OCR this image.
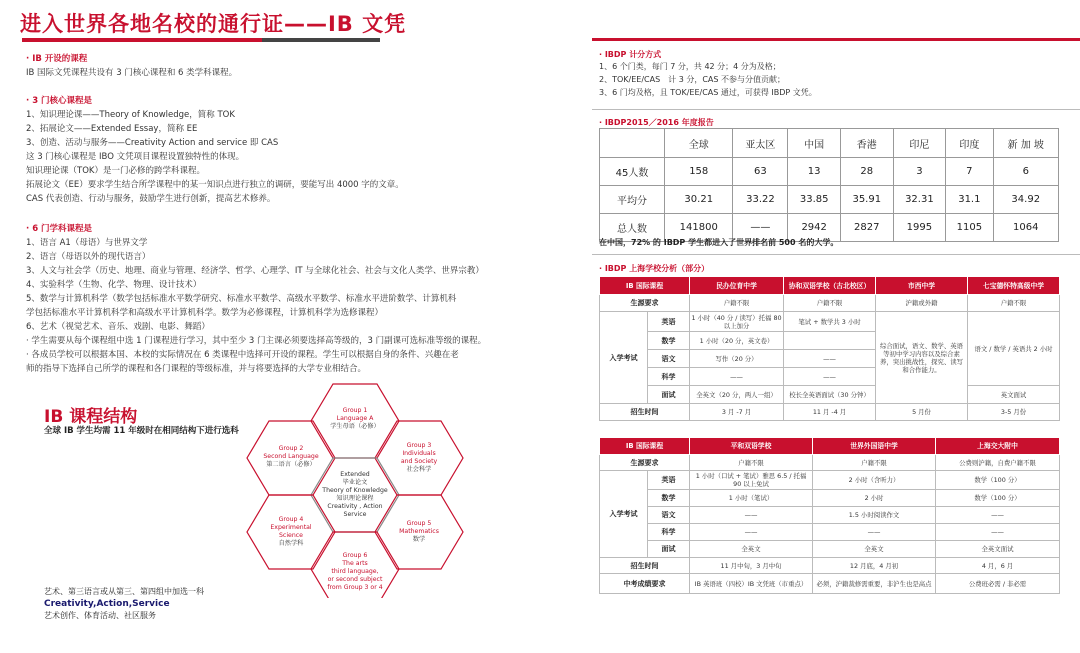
进入世界各地名校的通行证——IB 文凭
· IB 开设的课程
IB 国际文凭课程共设有 3 门核心课程和 6 类学科课程。
· 3 门核心课程是
1、知识理论课——Theory of Knowledge，简称 TOK
2、拓展论文——Extended Essay，简称 EE
3、创造、活动与服务——Creativity Action and service 即 CAS
这 3 门核心课程是 IBO 文凭项目课程设置独特性的体现。
知识理论课（TOK）是一门必修的跨学科课程。
拓展论文（EE）要求学生结合所学课程中的某一知识点进行独立的调研，要能写出 4000 字的文章。
CAS 代表创造、行动与服务，鼓励学生进行创新，提高艺术修养。
· 6 门学科课程是
1、语言 A1（母语）与世界文学
2、语言（母语以外的现代语言）
3、人文与社会学（历史、地理、商业与管理、经济学、哲学、心理学、IT 与全球化社会、社会与文化人类学、世界宗教）
4、实验科学（生物、化学、物理、设计技术）
5、数学与计算机科学（数学包括标准水平数学研究、标准水平数学、高级水平数学、标准水平进阶数学、计算机科
学包括标准水平计算机科学和高级水平计算机科学。数学为必修课程，计算机科学为选修课程）
6、艺术（视觉艺术、音乐、戏剧、电影、舞蹈）
· 学生需要从每个课程组中选 1 门课程进行学习，其中至少 3 门主课必须要选择高等级的，3 门副课可选标准等级的课程。
· 各成员学校可以根据本国、本校的实际情况在 6 类课程中选择可开设的课程。学生可以根据自身的条件、兴趣在老
师的指导下选择自己所学的课程和各门课程的等级标准，并与将要选择的大学专业相结合。
IB 课程结构
全球 IB 学生均需 11 年级时在相同结构下进行选科
Group 1
Language A
学生母语（必修）
Group 2
Second Language
第二语言（必修）
Group 3
Individuals
and Society
社会科学
Extended
毕业论文
Theory of Knowledge
知识理论课程
Creativity , Action
Service
Group 4
Experimental
Science
自然学科
Group 5
Mathematics
数学
Group 6
The arts
third language,
or second subject
from Group 3 or 4
艺术、第三语言或从第三、第四组中加选一科
Creativity,Action,Service
艺术创作、体育活动、社区服务
· IBDP 计分方式
1、6 个门类，每门 7 分，共 42 分；4 分为及格；
2、TOK/EE/CAS　计 3 分，CAS 不参与分值贡献；
3、6 门均及格，且 TOK/EE/CAS 通过，可获得 IBDP 文凭。
· IBDP2015／2016 年度报告
	全球	亚太区	中国	香港	印尼	印度	新 加 坡
45人数	158	63	13	28	3	7	6
平均分	30.21	33.22	33.85	35.91	32.31	31.1	34.92
总人数	141800	——	2942	2827	1995	1105	1064
在中国，72% 的 IBDP 学生都进入了世界排名前 500 名的大学。
· IBDP 上海学校分析（部分）
IB 国际课程		民办位育中学	协和双语学校（古北校区）	市西中学	七宝德怀特高级中学
生源要求		户籍不限	户籍不限	沪籍或外籍	户籍不限
入学考试	英语	1 小时（40 分 / 读写）托福 80 以上加分	笔试 + 数学共 3 小时	综合面试，语文、数学、英语等初中学习内容以及综合素养，突出挑战性，探究、读写和合作能力。	语文 / 数学 / 英语共 2 小时
	数学	1 小时（20 分，英文卷）			
	语文	写作（20 分）	——		
	科学	——	——		
	面试	全英文（20 分，两人一组）	校长全英语面试（30 分钟）		英文面试
招生时间		3 月 -7 月	11 月 -4 月	5 月份	3-5 月份
IB 国际课程		平和双语学校	世界外国语中学	上海交大附中
生源要求		户籍不限	户籍不限	公费则沪籍，自费户籍不限
入学考试	英语	1 小时（口试 + 笔试）雅思 6.5 / 托福 90 以上免试	2 小时（含听力）	数学（100 分）
	数学	1 小时（笔试）	2 小时	数学（100 分）
	语文	——	1.5 小时阅读作文	——
	科学	——	——	——
	面试	全英文	全英文	全英文面试
招生时间		11 月中旬，3 月中旬	12 月底，4 月初	4 月，6 月
中考成绩要求		IB 英语班（四校）IB 文凭班（市重点）	必须，沪籍裁修需重要，非沪生也是高点	公费班必需 / 非必需
